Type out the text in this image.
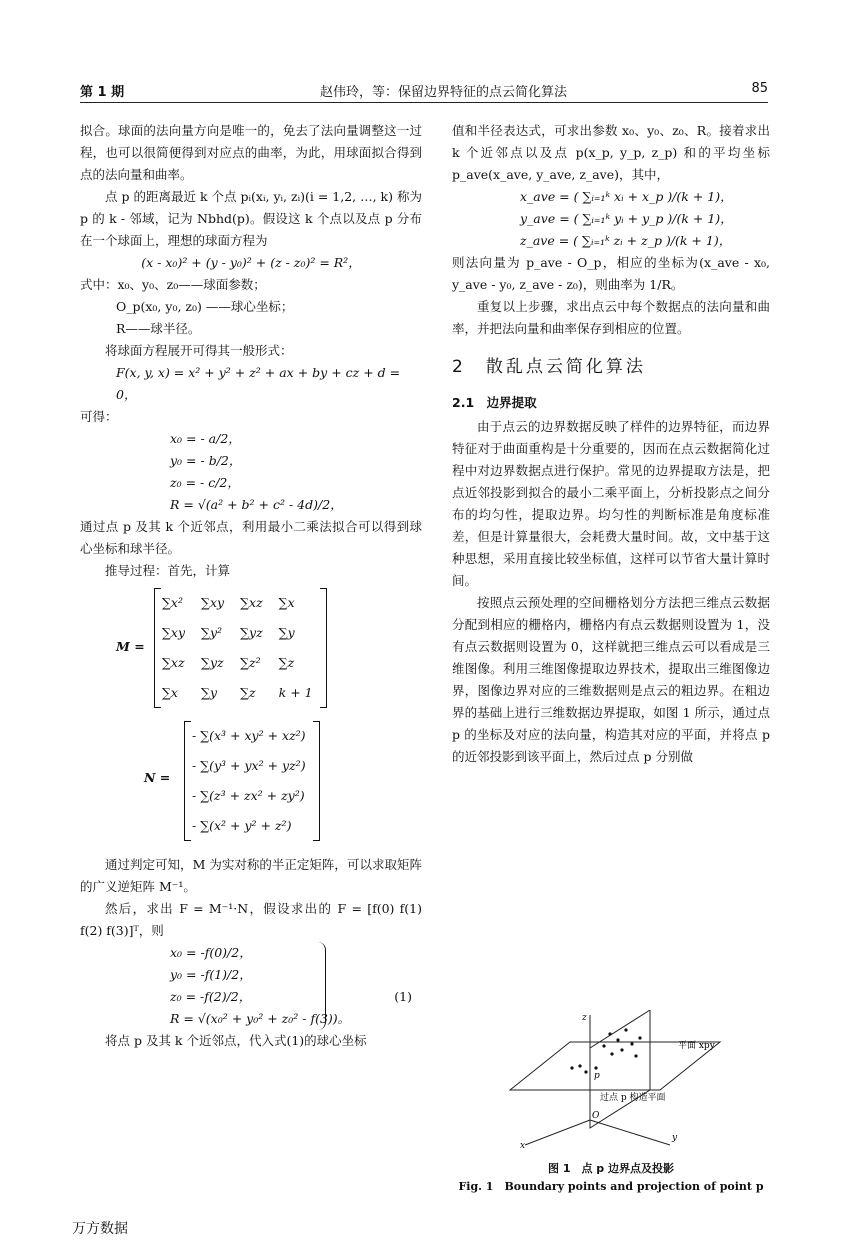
第 1 期	赵伟玲，等：保留边界特征的点云简化算法	85

拟合。球面的法向量方向是唯一的，免去了法向量调整这一过程，也可以很简便得到对应点的曲率，为此，用球面拟合得到点的法向量和曲率。

点 p 的距离最近 k 个点 pᵢ(xᵢ, yᵢ, zᵢ)(i = 1,2, …, k) 称为 p 的 k - 邻域，记为 Nbhd(p)。假设这 k 个点以及点 p 分布在一个球面上，理想的球面方程为

(x - x₀)² + (y - y₀)² + (z - z₀)² = R²，

式中：x₀、y₀、z₀——球面参数；

O_p(x₀, y₀, z₀) ——球心坐标；

R——球半径。

将球面方程展开可得其一般形式：

F(x, y, x) = x² + y² + z² + ax + by + cz + d = 0，

可得：

x₀ = - a/2，

y₀ = - b/2，

z₀ = - c/2，

R = √(a² + b² + c² - 4d)/2，

通过点 p 及其 k 个近邻点，利用最小二乘法拟合可以得到球心坐标和球半径。

推导过程：首先，计算

M =
∑x²	∑xy	∑xz	∑x
∑xy	∑y²	∑yz	∑y
∑xz	∑yz	∑z²	∑z
∑x	∑y	∑z	k + 1
N =
- ∑(x³ + xy² + xz²)
- ∑(y³ + yx² + yz²)
- ∑(z³ + zx² + zy²)
- ∑(x² + y² + z²)

通过判定可知，M 为实对称的半正定矩阵，可以求取矩阵的广义逆矩阵 M⁻¹。

然后，求出 F = M⁻¹·N，假设求出的 F = [f(0) f(1) f(2) f(3)]ᵀ，则

x₀ = -f(0)/2，

y₀ = -f(1)/2，

z₀ = -f(2)/2，

R = √(x₀² + y₀² + z₀² - f(3))。

(1)

将点 p 及其 k 个近邻点，代入式(1)的球心坐标

值和半径表达式，可求出参数 x₀、y₀、z₀、R。接着求出 k 个近邻点以及点 p(x_p, y_p, z_p) 和的平均坐标 p_ave(x_ave, y_ave, z_ave)，其中，

x_ave = ( ∑ᵢ₌₁ᵏ xᵢ + x_p )/(k + 1)，

y_ave = ( ∑ᵢ₌₁ᵏ yᵢ + y_p )/(k + 1)，

z_ave = ( ∑ᵢ₌₁ᵏ zᵢ + z_p )/(k + 1)，

则法向量为 p_ave - O_p，相应的坐标为(x_ave - x₀, y_ave - y₀, z_ave - z₀)，则曲率为 1/R。

重复以上步骤，求出点云中每个数据点的法向量和曲率，并把法向量和曲率保存到相应的位置。

2　散乱点云简化算法
2.1　边界提取

由于点云的边界数据反映了样件的边界特征，而边界特征对于曲面重构是十分重要的，因而在点云数据简化过程中对边界数据点进行保护。常见的边界提取方法是，把点近邻投影到拟合的最小二乘平面上，分析投影点之间分布的均匀性，提取边界。均匀性的判断标准是角度标准差，但是计算量很大，会耗费大量时间。故，文中基于这种思想，采用直接比较坐标值，这样可以节省大量计算时间。

按照点云预处理的空间栅格划分方法把三维点云数据分配到相应的栅格内，栅格内有点云数据则设置为 1，没有点云数据则设置为 0，这样就把三维点云可以看成是三维图像。利用三维图像提取边界技术，提取出三维图像边界，图像边界对应的三维数据则是点云的粗边界。在粗边界的基础上进行三维数据边界提取，如图 1 所示，通过点 p 的坐标及对应的法向量，构造其对应的平面，并将点 p 的近邻投影到该平面上，然后过点 p 分别做

z
x
y
O
p
平面 xpy
过点 p 构造平面
图 1　点 p 边界点及投影
Fig. 1　Boundary points and projection of point p
万方数据
